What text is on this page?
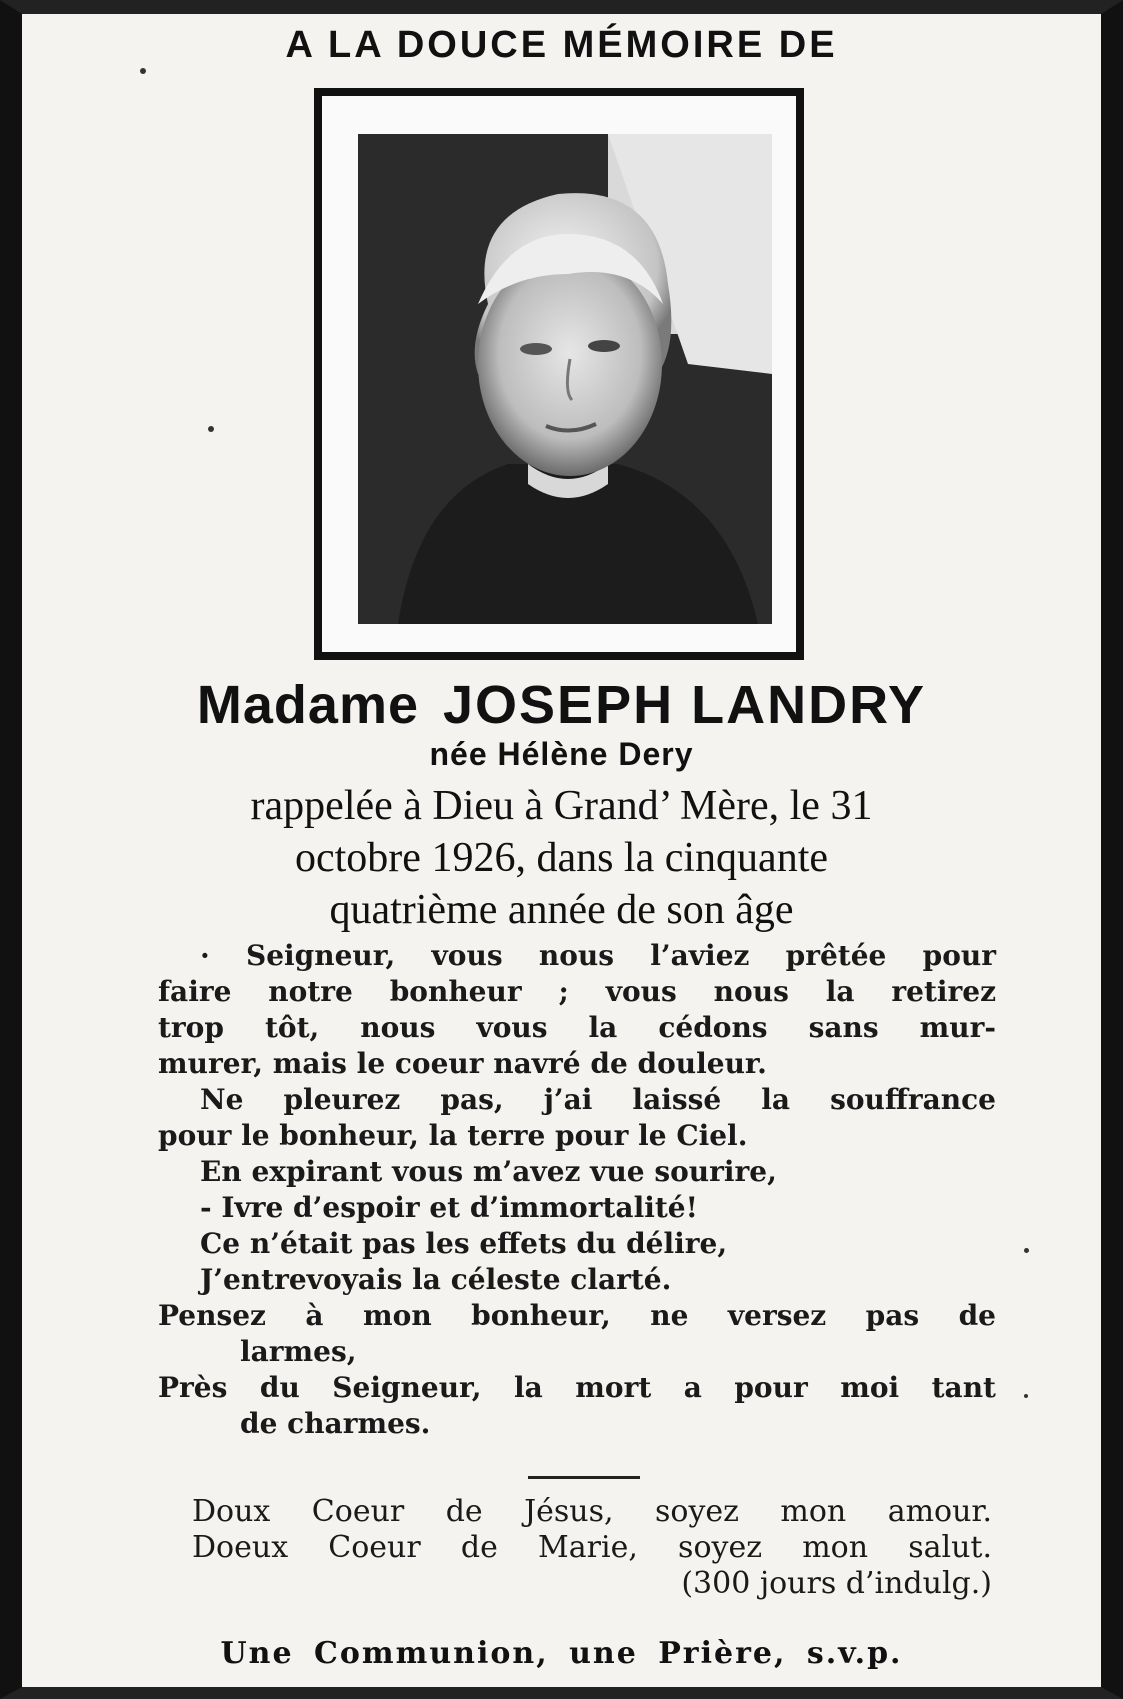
A LA DOUCE MÉMOIRE DE
Madame JOSEPH LANDRY
née Hélène Dery
rappelée à Dieu à Grand’ Mère, le 31
octobre 1926, dans la cinquante
quatrième année de son âge
· Seigneur, vous nous l’aviez prêtée pour
faire notre bonheur ; vous nous la retirez
trop tôt, nous vous la cédons sans mur-
murer, mais le coeur navré de douleur.
Ne pleurez pas, j’ai laissé la souffrance
pour le bonheur, la terre pour le Ciel.
En expirant vous m’avez vue sourire,
- Ivre d’espoir et d’immortalité!
Ce n’était pas les effets du délire,
J’entrevoyais la céleste clarté.
Pensez à mon bonheur, ne versez pas de
larmes,
Près du Seigneur, la mort a pour moi tant
de charmes.
Doux Coeur de Jésus, soyez mon amour.
Doeux Coeur de Marie, soyez mon salut.
(300 jours d’indulg.)
Une Communion, une Prière, s.v.p.
